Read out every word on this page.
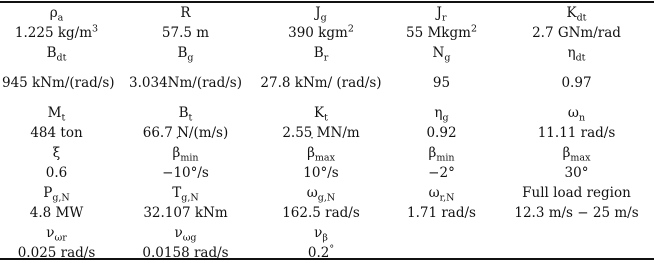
$\rho_a$	R	$J_g$	$J_r$	$K_{dt}$
1.225 $kg/m^3$	57.5 m	390 kgm$^2$	55 Mkgm$^2$	2.7 GNm/rad
$B_{dt}$	$B_g$	$B_r$	$N_g$	$\eta_{dt}$
945 kNm/(rad/s)	3.034Nm/(rad/s)	27.8 kNm/ (rad/s)	95	0.97
$M_t$	$B_t$	$K_t$	$\eta_g$	$\omega_n$
484 ton	66.7 N/(m/s)	2.55 MN/m	0.92	11.11 rad/s
ξ	˙ $\beta_{min}$	˙ $\beta_{max}$	$\beta_{min}$	$\beta_{max}$
0.6	−10°/s	10°/s	−2°	30°
$P_{g,N}$	$T_{g,N}$	$\omega_{g,N}$	$\omega_{r,N}$	Full load region
4.8 MW	32.107 kNm	162.5 rad/s	1.71 rad/s	12.3 m/s − 25 m/s
$\nu_{\omega r}$	$\nu_{\omega g}$	$\nu_\beta$		
0.025 rad/s	0.0158 rad/s	0.2°		
